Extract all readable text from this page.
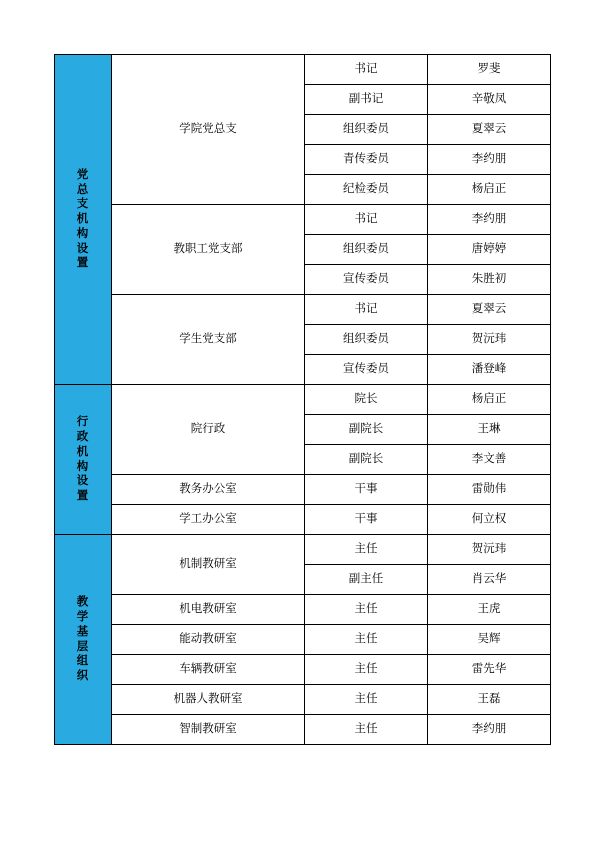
党总支机构设置	学院党总支	书记	罗斐
		副书记	辛敬凤
		组织委员	夏翠云
		青传委员	李约朋
		纪检委员	杨启正
	教职工党支部	书记	李约朋
		组织委员	唐婷婷
		宣传委员	朱胜初
	学生党支部	书记	夏翠云
		组织委员	贺沅玮
		宣传委员	潘登峰

行政机构设置	院行政	院长	杨启正
		副院长	王琳
		副院长	李文善
	教务办公室	干事	雷勋伟
	学工办公室	干事	何立权

教学基层组织	机制教研室	主任	贺沅玮
		副主任	肖云华
	机电教研室	主任	王虎
	能动教研室	主任	吴辉
	车辆教研室	主任	雷先华
	机器人教研室	主任	王磊
	智制教研室	主任	李约朋
